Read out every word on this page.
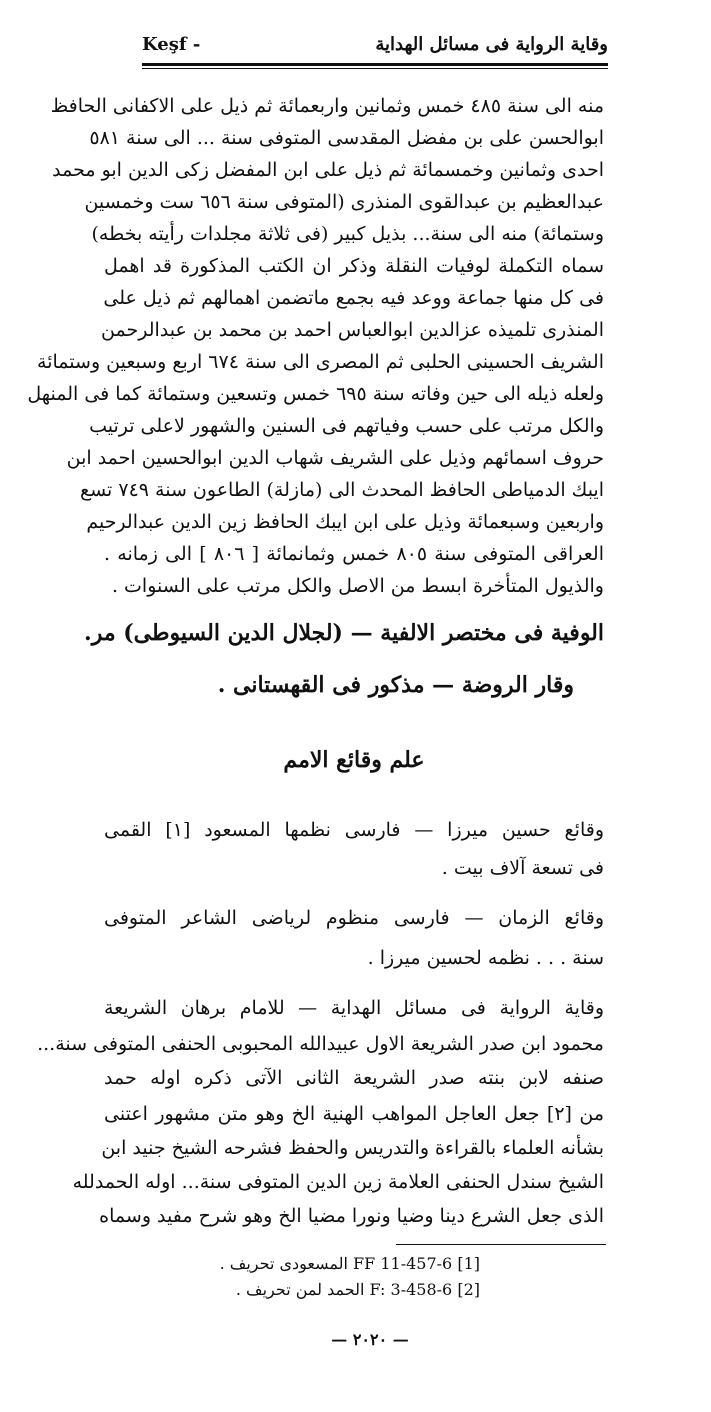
Keşf -	وقاية الرواية فى مسائل الهداية
منه الى سنة ٤٨٥ خمس وثمانين واربعمائة ثم ذيل على الاكفانى الحافظ
ابوالحسن على بن مفضل المقدسى المتوفى سنة ... الى سنة ٥٨١
احدى وثمانين وخمسمائة ثم ذيل على ابن المفضل زكى الدين ابو محمد
عبدالعظيم بن عبدالقوى المنذرى (المتوفى سنة ٦٥٦ ست وخمسين
وستمائة) منه الى سنة... بذيل كبير (فى ثلاثة مجلدات رأيته بخطه)
سماه التكملة لوفيات النقلة وذكر ان الكتب المذكورة قد اهمل
فى كل منها جماعة ووعد فيه بجمع ماتضمن اهمالهم ثم ذيل على
المنذرى تلميذه عزالدين ابوالعباس احمد بن محمد بن عبدالرحمن
الشريف الحسينى الحلبى ثم المصرى الى سنة ٦٧٤ اربع وسبعين وستمائة
ولعله ذيله الى حين وفاته سنة ٦٩٥ خمس وتسعين وستمائة كما فى المنهل
والكل مرتب على حسب وفياتهم فى السنين والشهور لاعلى ترتيب
حروف اسمائهم وذيل على الشريف شهاب الدين ابوالحسين احمد ابن
ايبك الدمياطى الحافظ المحدث الى (مازلة) الطاعون سنة ٧٤٩ تسع
واربعين وسبعمائة وذيل على ابن ايبك الحافظ زين الدين عبدالرحيم
العراقى المتوفى سنة ٨٠٥ خمس وثمانمائة [ ٨٠٦ ] الى زمانه .
والذيول المتأخرة ابسط من الاصل والكل مرتب على السنوات .
الوفية فى مختصر الالفية — (لجلال الدين السيوطى) مر.
وقار الروضة — مذكور فى القهستانى .
علم وقائع الامم
وقائع حسين ميرزا — فارسى نظمها المسعود [١] القمى
فى تسعة آلاف بيت .
وقائع الزمان — فارسى منظوم لرياضى الشاعر المتوفى
سنة . . . نظمه لحسين ميرزا .
وقاية الرواية فى مسائل الهداية — للامام برهان الشريعة
محمود ابن صدر الشريعة الاول عبيدالله المحبوبى الحنفى المتوفى سنة...
صنفه لابن بنته صدر الشريعة الثانى الآتى ذكره اوله حمد
من [٢] جعل العاجل المواهب الهنية الخ وهو متن مشهور اعتنى
بشأنه العلماء بالقراءة والتدريس والحفظ فشرحه الشيخ جنيد ابن
الشيخ سندل الحنفى العلامة زين الدين المتوفى سنة... اوله الحمدلله
الذى جعل الشرع دينا وضيا ونورا مضيا الخ وهو شرح مفيد وسماه
[1] FF 11-457-6 المسعودى تحريف .
[2] F: 3-458-6 الحمد لمن تحريف .
— ٢٠٢٠ —
